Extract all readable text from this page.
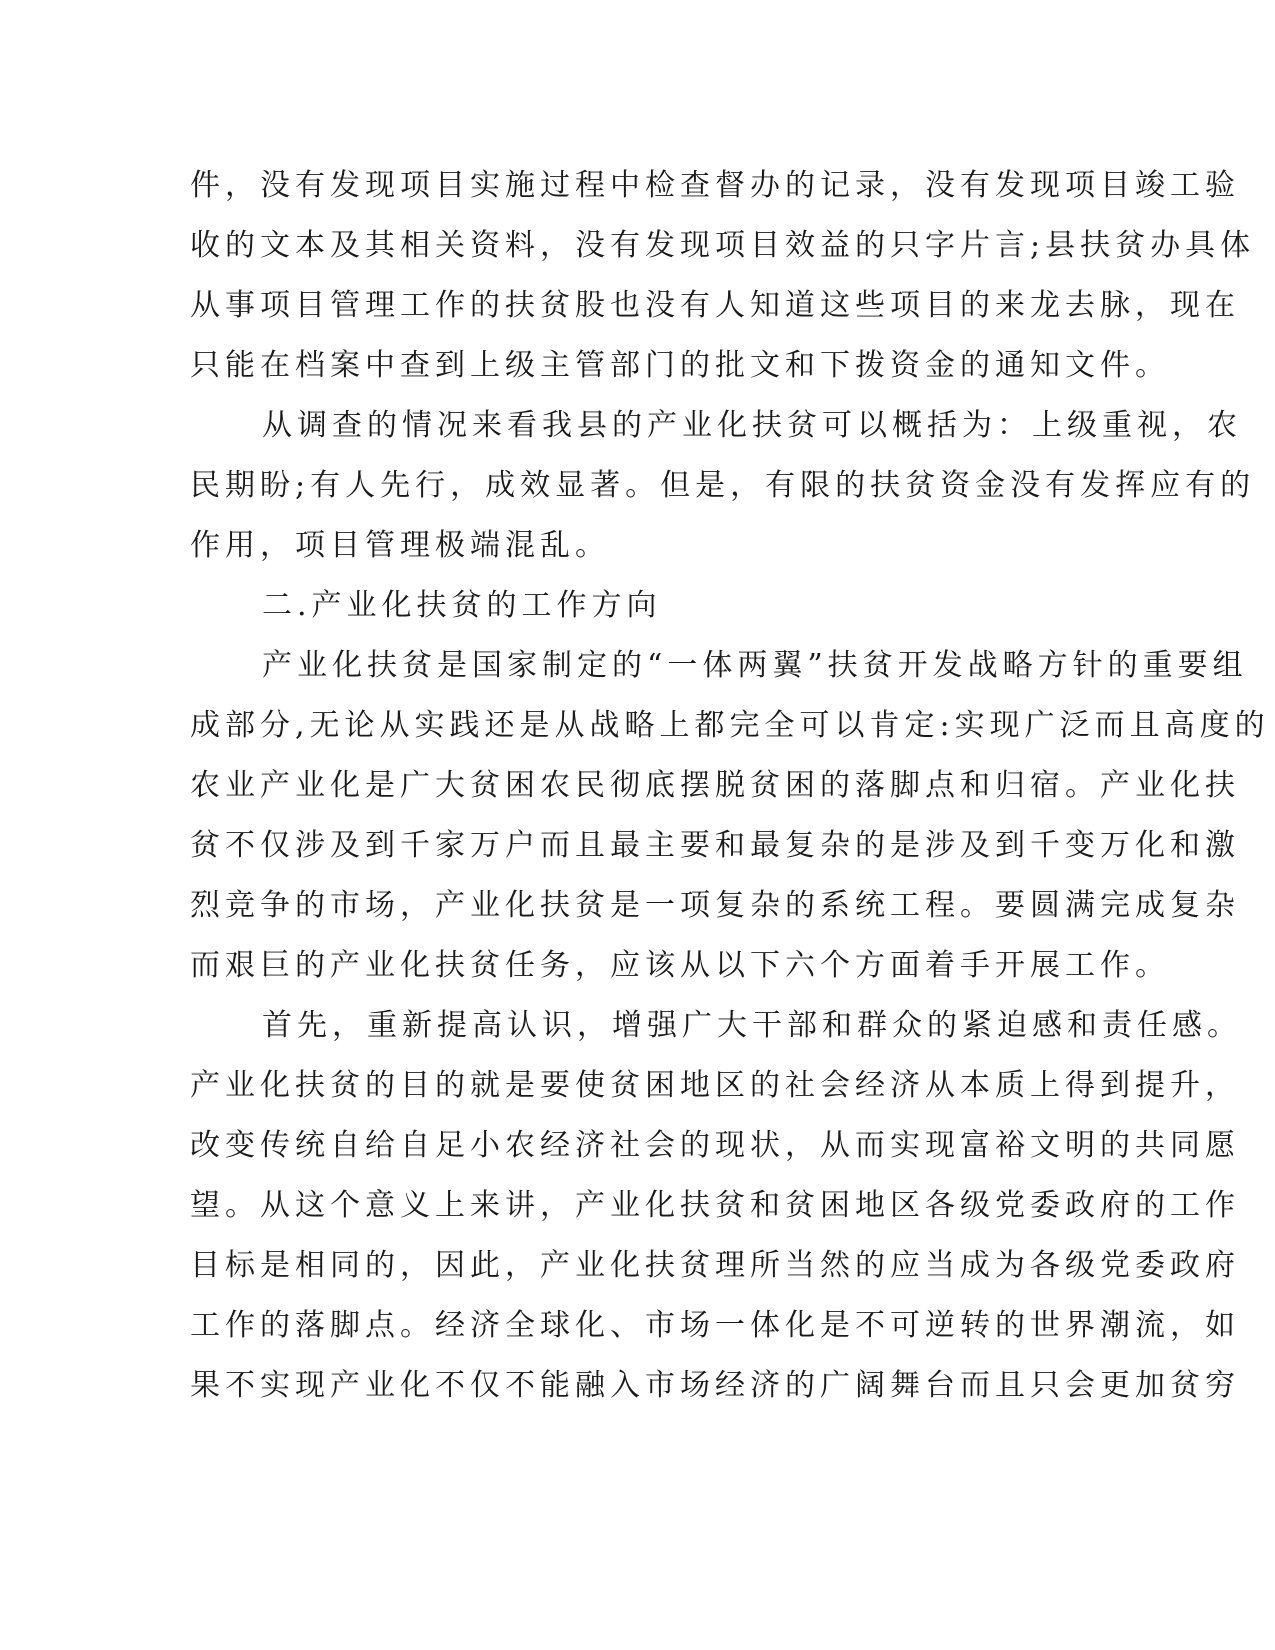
件，没有发现项目实施过程中检查督办的记录，没有发现项目竣工验
收的文本及其相关资料，没有发现项目效益的只字片言;县扶贫办具体
从事项目管理工作的扶贫股也没有人知道这些项目的来龙去脉，现在
只能在档案中查到上级主管部门的批文和下拨资金的通知文件。
从调查的情况来看我县的产业化扶贫可以概括为：上级重视，农
民期盼;有人先行，成效显著。但是，有限的扶贫资金没有发挥应有的
作用，项目管理极端混乱。
二.产业化扶贫的工作方向
产业化扶贫是国家制定的“一体两翼”扶贫开发战略方针的重要组
成部分,无论从实践还是从战略上都完全可以肯定:实现广泛而且高度的
农业产业化是广大贫困农民彻底摆脱贫困的落脚点和归宿。产业化扶
贫不仅涉及到千家万户而且最主要和最复杂的是涉及到千变万化和激
烈竞争的市场，产业化扶贫是一项复杂的系统工程。要圆满完成复杂
而艰巨的产业化扶贫任务，应该从以下六个方面着手开展工作。
首先，重新提高认识，增强广大干部和群众的紧迫感和责任感。
产业化扶贫的目的就是要使贫困地区的社会经济从本质上得到提升，
改变传统自给自足小农经济社会的现状，从而实现富裕文明的共同愿
望。从这个意义上来讲，产业化扶贫和贫困地区各级党委政府的工作
目标是相同的，因此，产业化扶贫理所当然的应当成为各级党委政府
工作的落脚点。经济全球化、市场一体化是不可逆转的世界潮流，如
果不实现产业化不仅不能融入市场经济的广阔舞台而且只会更加贫穷
